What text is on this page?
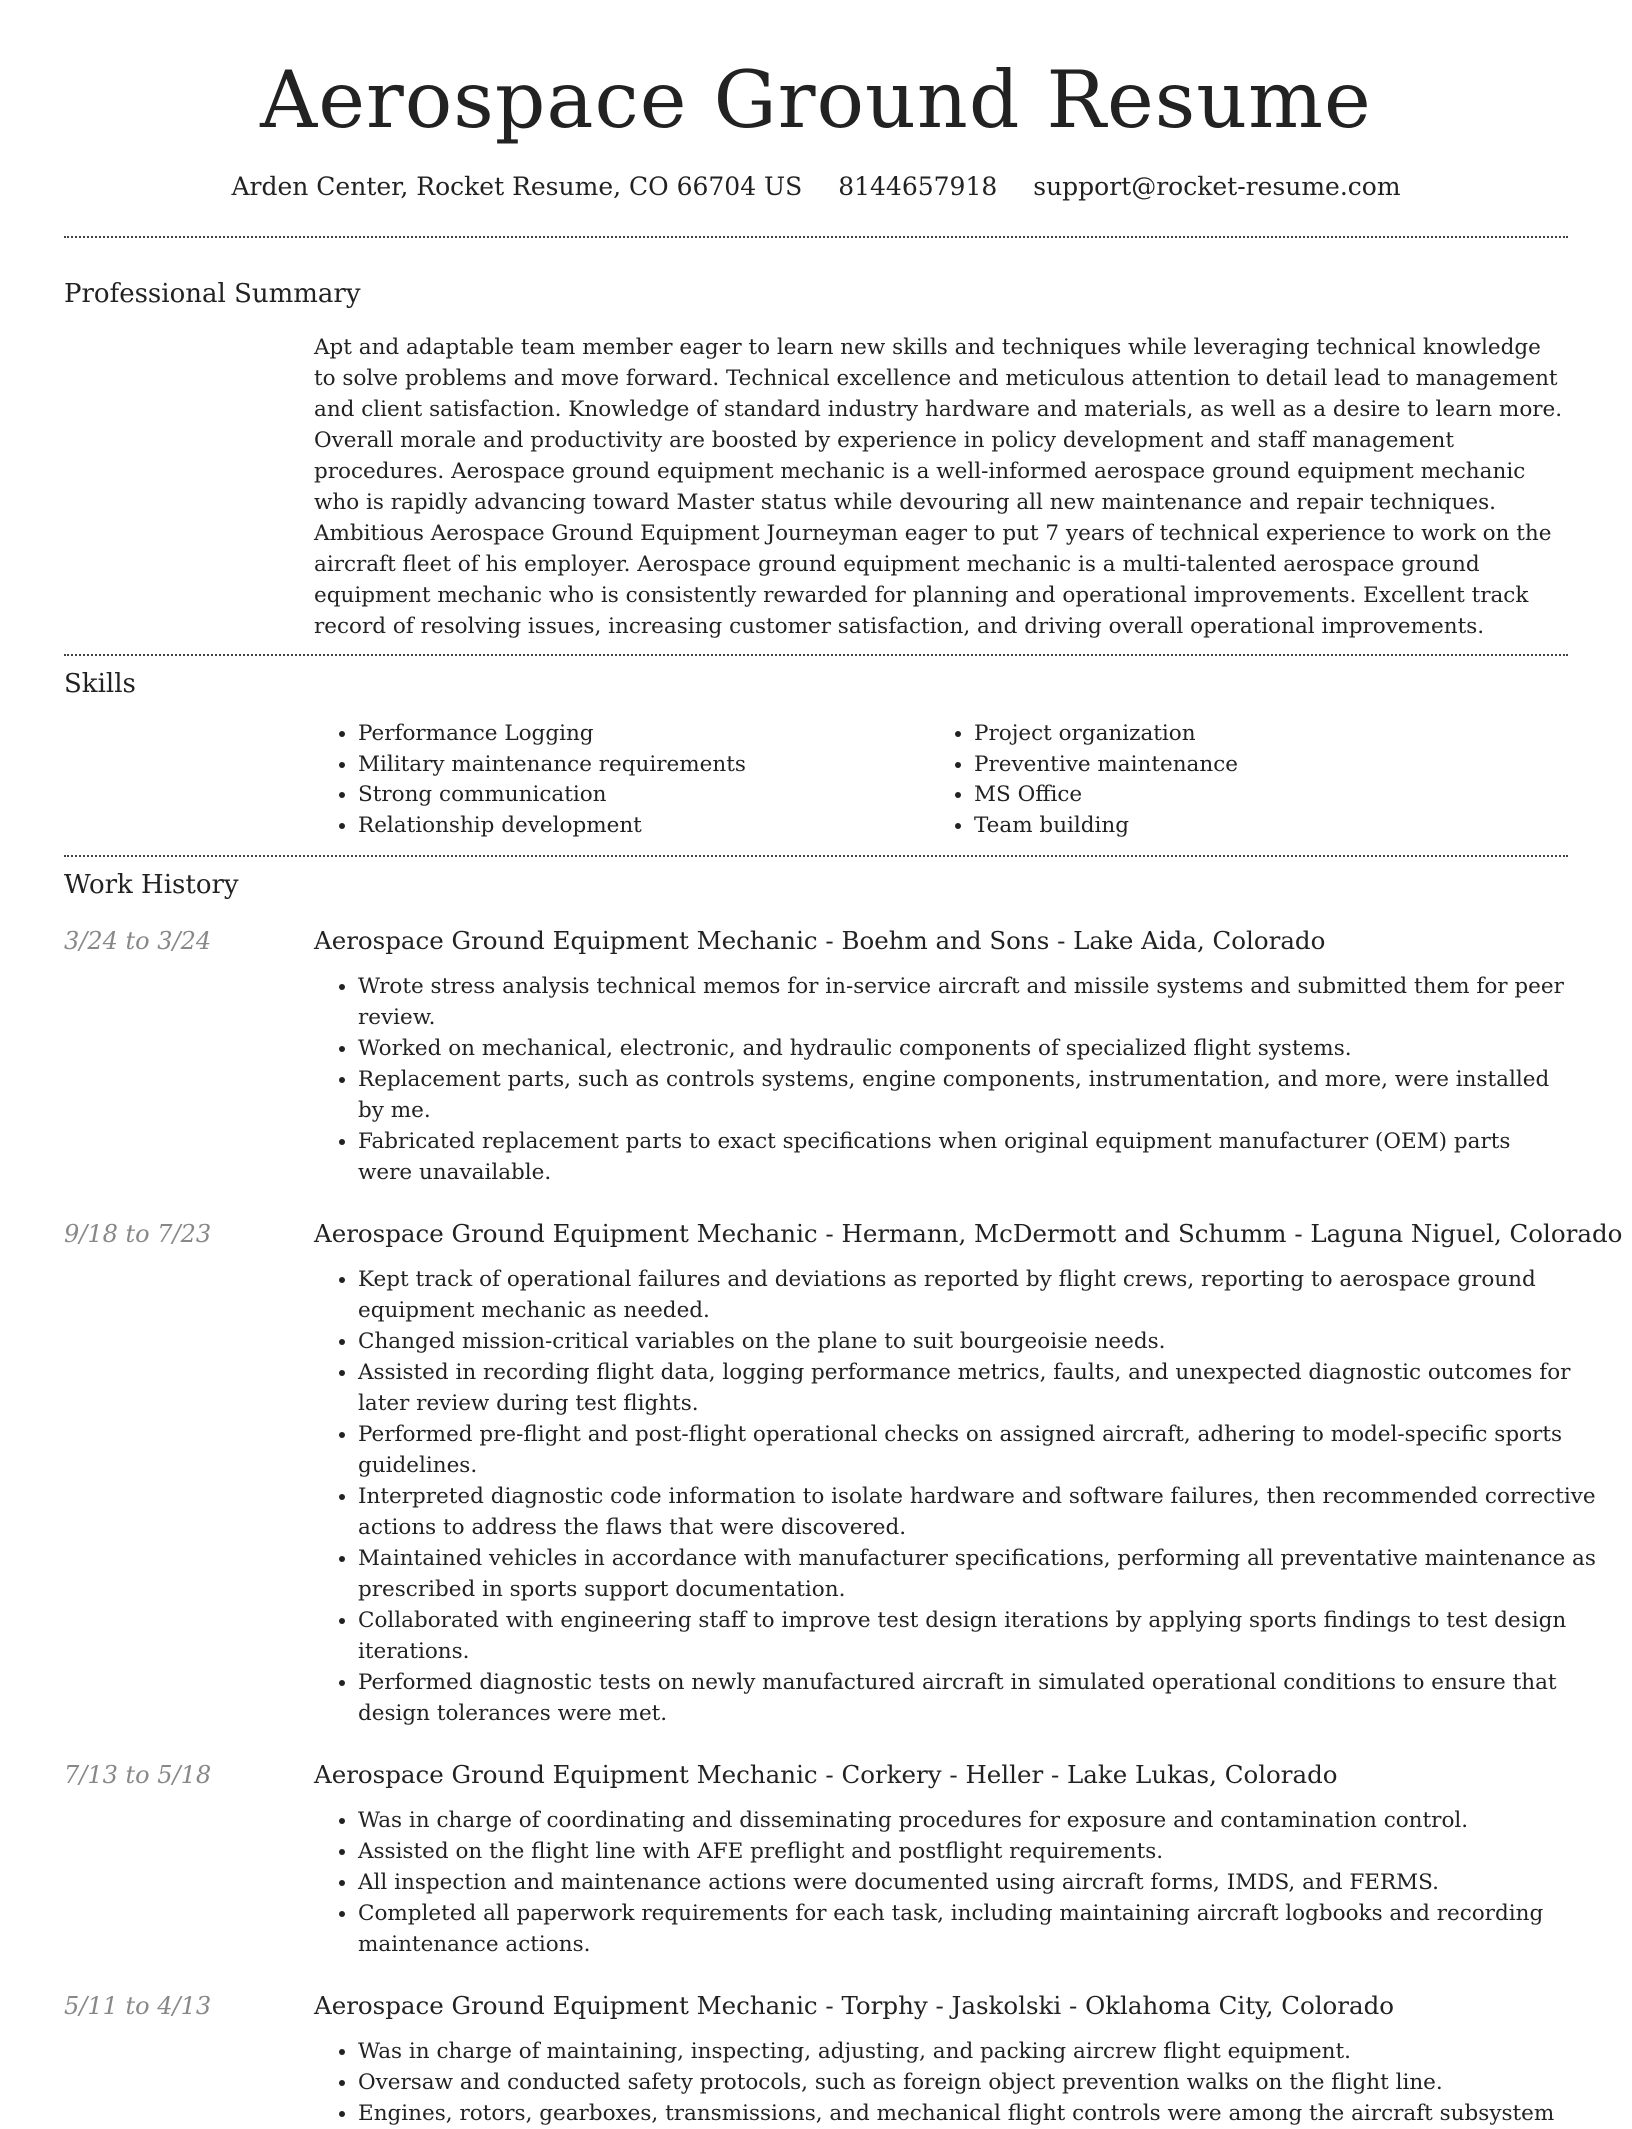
Aerospace Ground Resume
Arden Center, Rocket Resume, CO 66704 US 8144657918 support@rocket-resume.com
Professional Summary

Apt and adaptable team member eager to learn new skills and techniques while leveraging technical knowledge to solve problems and move forward. Technical excellence and meticulous attention to detail lead to management and client satisfaction. Knowledge of standard industry hardware and materials, as well as a desire to learn more. Overall morale and productivity are boosted by experience in policy development and staff management procedures. Aerospace ground equipment mechanic is a well-informed aerospace ground equipment mechanic who is rapidly advancing toward Master status while devouring all new maintenance and repair techniques. Ambitious Aerospace Ground Equipment Journeyman eager to put 7 years of technical experience to work on the aircraft fleet of his employer. Aerospace ground equipment mechanic is a multi-talented aerospace ground equipment mechanic who is consistently rewarded for planning and operational improvements. Excellent track record of resolving issues, increasing customer satisfaction, and driving overall operational improvements.

Skills
• Performance Logging
• Military maintenance requirements
• Strong communication
• Relationship development
• Project organization
• Preventive maintenance
• MS Office
• Team building
Work History
3/24 to 3/24	Aerospace Ground Equipment Mechanic - Boehm and Sons - Lake Aida, Colorado
• Wrote stress analysis technical memos for in-service aircraft and missile systems and submitted them for peer review.
• Worked on mechanical, electronic, and hydraulic components of specialized flight systems.
• Replacement parts, such as controls systems, engine components, instrumentation, and more, were installed by me.
• Fabricated replacement parts to exact specifications when original equipment manufacturer (OEM) parts were unavailable.
9/18 to 7/23	Aerospace Ground Equipment Mechanic - Hermann, McDermott and Schumm - Laguna Niguel, Colorado
• Kept track of operational failures and deviations as reported by flight crews, reporting to aerospace ground equipment mechanic as needed.
• Changed mission-critical variables on the plane to suit bourgeoisie needs.
• Assisted in recording flight data, logging performance metrics, faults, and unexpected diagnostic outcomes for later review during test flights.
• Performed pre-flight and post-flight operational checks on assigned aircraft, adhering to model-specific sports guidelines.
• Interpreted diagnostic code information to isolate hardware and software failures, then recommended corrective actions to address the flaws that were discovered.
• Maintained vehicles in accordance with manufacturer specifications, performing all preventative maintenance as prescribed in sports support documentation.
• Collaborated with engineering staff to improve test design iterations by applying sports findings to test design iterations.
• Performed diagnostic tests on newly manufactured aircraft in simulated operational conditions to ensure that design tolerances were met.
7/13 to 5/18	Aerospace Ground Equipment Mechanic - Corkery - Heller - Lake Lukas, Colorado
• Was in charge of coordinating and disseminating procedures for exposure and contamination control.
• Assisted on the flight line with AFE preflight and postflight requirements.
• All inspection and maintenance actions were documented using aircraft forms, IMDS, and FERMS.
• Completed all paperwork requirements for each task, including maintaining aircraft logbooks and recording maintenance actions.
5/11 to 4/13	Aerospace Ground Equipment Mechanic - Torphy - Jaskolski - Oklahoma City, Colorado
• Was in charge of maintaining, inspecting, adjusting, and packing aircrew flight equipment.
• Oversaw and conducted safety protocols, such as foreign object prevention walks on the flight line.
• Engines, rotors, gearboxes, transmissions, and mechanical flight controls were among the aircraft subsystem
